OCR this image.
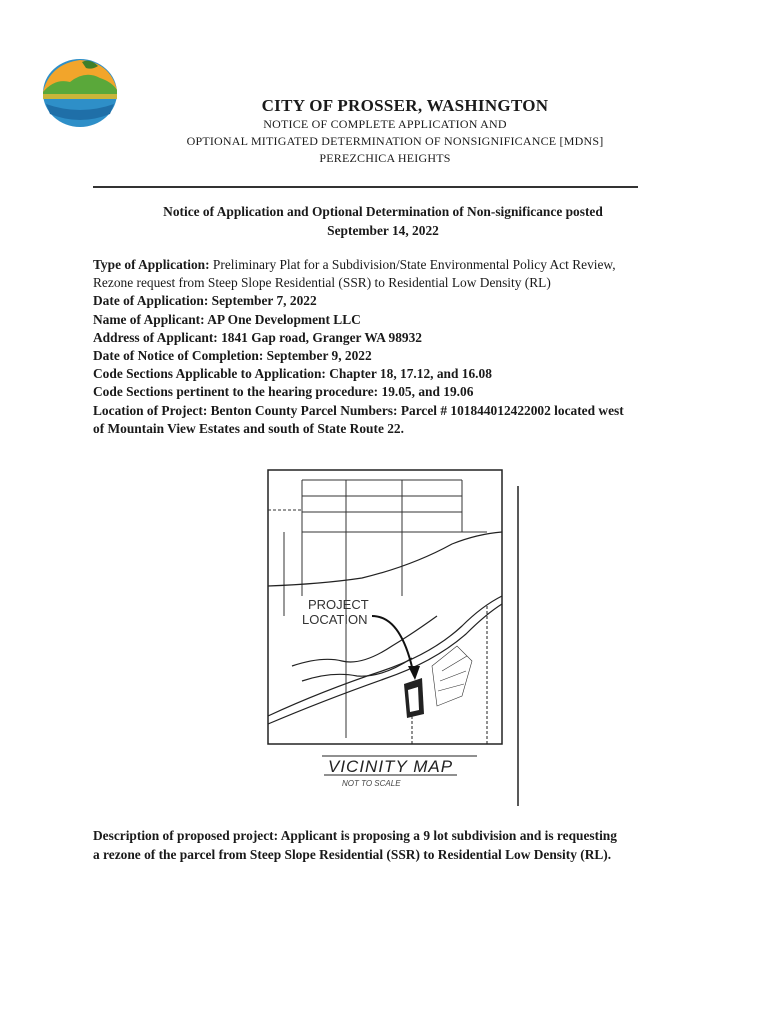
CITY OF PROSSER, WASHINGTON
NOTICE OF COMPLETE APPLICATION AND
OPTIONAL MITIGATED DETERMINATION OF NONSIGNIFICANCE [MDNS]
PEREZCHICA HEIGHTS
Notice of Application and Optional Determination of Non-significance posted
September 14, 2022
Type of Application: Preliminary Plat for a Subdivision/State Environmental Policy Act Review,
Rezone request from Steep Slope Residential (SSR) to Residential Low Density (RL)
Date of Application: September 7, 2022
Name of Applicant: AP One Development LLC
Address of Applicant: 1841 Gap road, Granger WA 98932
Date of Notice of Completion: September 9, 2022
Code Sections Applicable to Application: Chapter 18, 17.12, and 16.08
Code Sections pertinent to the hearing procedure: 19.05, and 19.06
Location of Project: Benton County Parcel Numbers: Parcel # 101844012422002 located west
of Mountain View Estates and south of State Route 22.
PROJECT
LOCATION
VICINITY MAP
NOT TO SCALE
Description of proposed project: Applicant is proposing a 9 lot subdivision and is requesting
a rezone of the parcel from Steep Slope Residential (SSR) to Residential Low Density (RL).
